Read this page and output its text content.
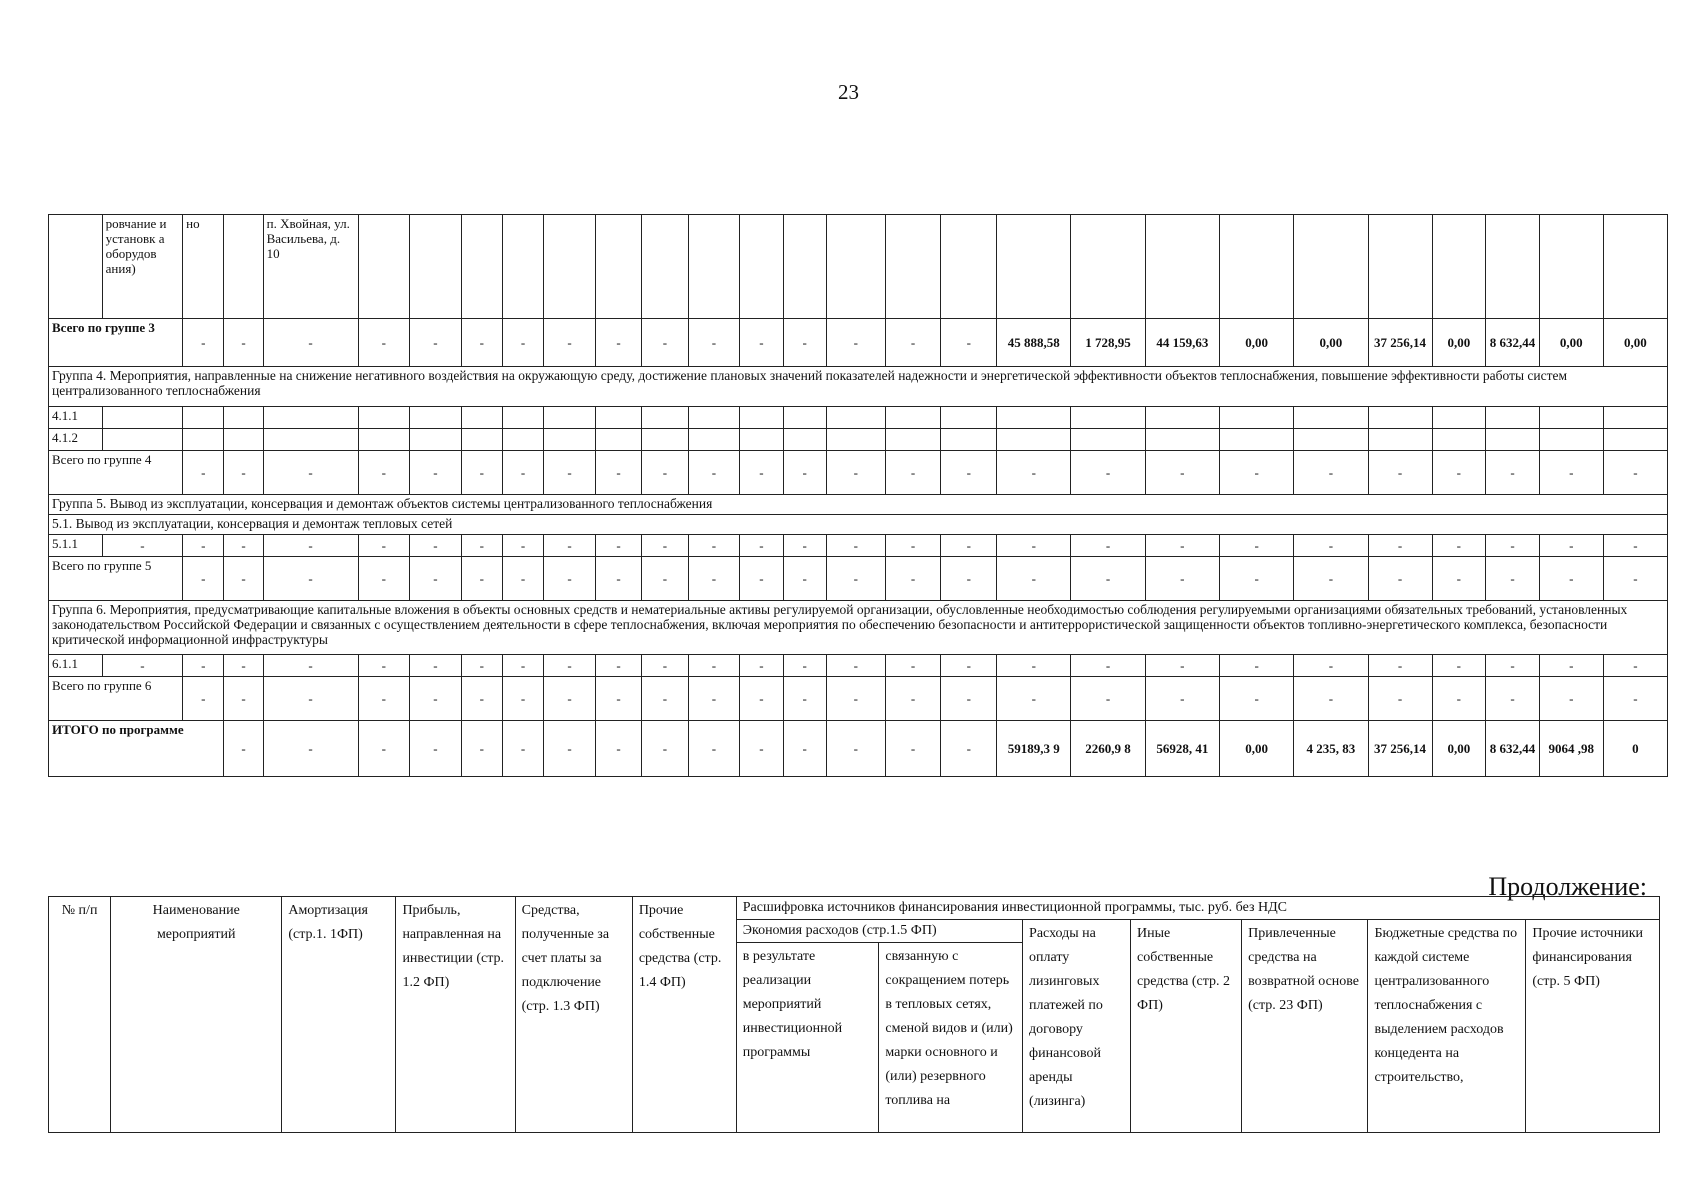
23
	ровчание и установк а оборудов ания)	но		п. Хвойная, ул. Васильева, д. 10																							
Всего по группе 3		-	-	-	-	-	-	-	-	-	-	-	-	-	-	-	-	45 888,58	1 728,95	44 159,63	0,00	0,00	37 256,14	0,00	8 632,44	0,00	0,00
Группа 4. Мероприятия, направленные на снижение негативного воздействия на окружающую среду, достижение плановых значений показателей надежности и энергетической эффективности объектов теплоснабжения, повышение эффективности работы систем централизованного теплоснабжения																											
4.1.1																											
4.1.2																											
Всего по группе 4		-	-	-	-	-	-	-	-	-	-	-	-	-	-	-	-	-	-	-	-	-	-	-	-	-	-
Группа 5. Вывод из эксплуатации, консервация и демонтаж объектов системы централизованного теплоснабжения																											
5.1. Вывод из эксплуатации, консервация и демонтаж тепловых сетей																											
5.1.1	-	-	-	-	-	-	-	-	-	-	-	-	-	-	-	-	-	-	-	-	-	-	-	-	-	-	-
Всего по группе 5		-	-	-	-	-	-	-	-	-	-	-	-	-	-	-	-	-	-	-	-	-	-	-	-	-	-
Группа 6. Мероприятия, предусматривающие капитальные вложения в объекты основных средств и нематериальные активы регулируемой организации, обусловленные необходимостью соблюдения регулируемыми организациями обязательных требований, установленных законодательством Российской Федерации и связанных с осуществлением деятельности в сфере теплоснабжения, включая мероприятия по обеспечению безопасности и антитеррористической защищенности объектов топливно-энергетического комплекса, безопасности критической информационной инфраструктуры																											
6.1.1	-	-	-	-	-	-	-	-	-	-	-	-	-	-	-	-	-	-	-	-	-	-	-	-	-	-	-
Всего по группе 6		-	-	-	-	-	-	-	-	-	-	-	-	-	-	-	-	-	-	-	-	-	-	-	-	-	-
ИТОГО по программе			-	-	-	-	-	-	-	-	-	-	-	-	-	-	-	59189,3 9	2260,9 8	56928, 41	0,00	4 235, 83	37 256,14	0,00	8 632,44	9064 ,98	0
Продолжение:
№ п/п	Наименование мероприятий	Амортизация (стр.1. 1ФП)	Прибыль, направленная на инвестиции (стр. 1.2 ФП)	Средства, полученные за счет платы за подключение (стр. 1.3 ФП)	Прочие собственные средства (стр. 1.4 ФП)	Расшифровка источников финансирования инвестиционной программы, тыс. руб. без НДС						
						Экономия расходов (стр.1.5 ФП)		Расходы на оплату лизинговых платежей по договору финансовой аренды (лизинга)	Иные собственные средства (стр. 2 ФП)	Привлеченные средства на возвратной основе (стр. 23 ФП)	Бюджетные средства по каждой системе централизованного теплоснабжения с выделением расходов концедента на строительство,	Прочие источники финансирования (стр. 5 ФП)
						в результате реализации мероприятий инвестиционной программы	связанную с сокращением потерь в тепловых сетях, сменой видов и (или) марки основного и (или) резервного топлива на					
